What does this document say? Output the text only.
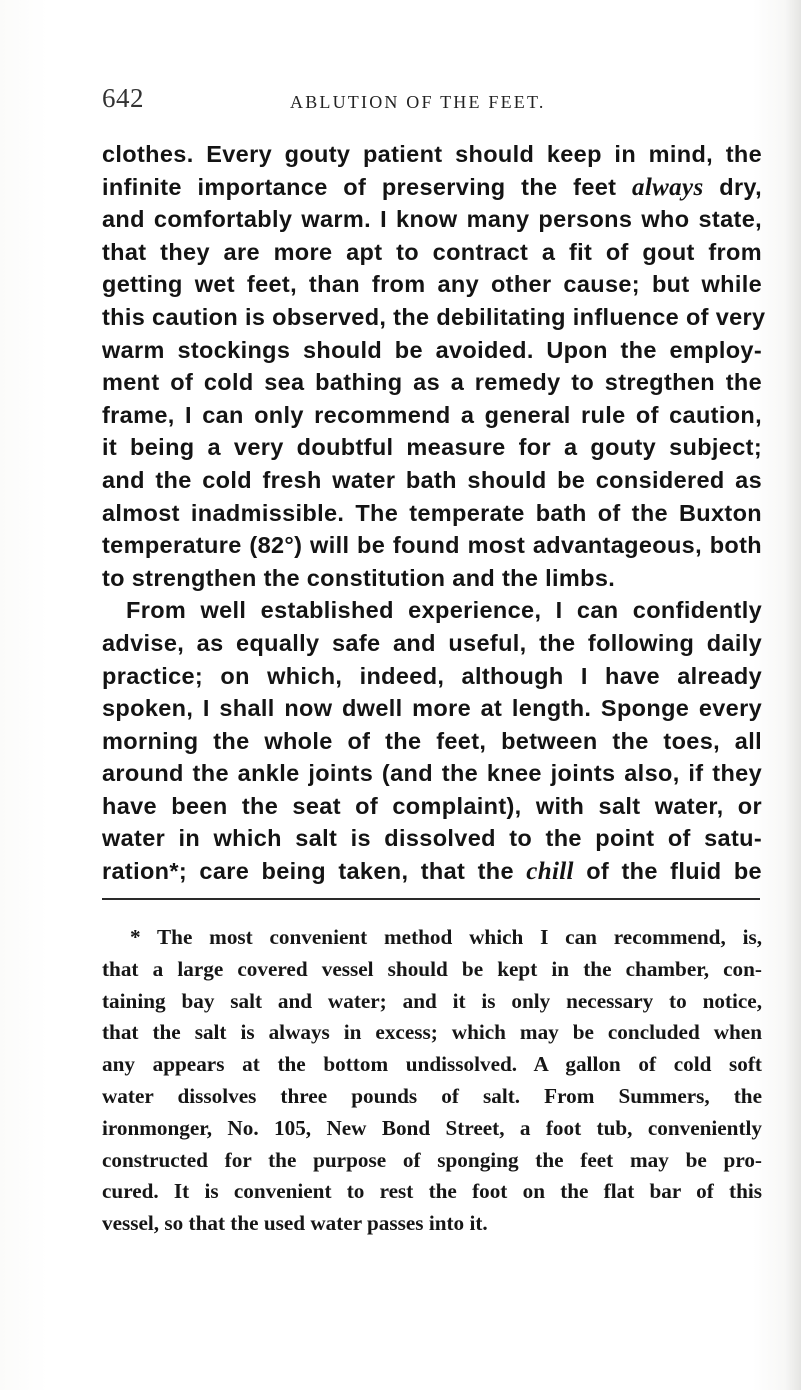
642	ABLUTION OF THE FEET.
clothes. Every gouty patient should keep in mind, the
infinite importance of preserving the feet always dry,
and comfortably warm. I know many persons who state,
that they are more apt to contract a fit of gout from
getting wet feet, than from any other cause; but while
this caution is observed, the debilitating influence of very
warm stockings should be avoided. Upon the employ-
ment of cold sea bathing as a remedy to stregthen the
frame, I can only recommend a general rule of caution,
it being a very doubtful measure for a gouty subject;
and the cold fresh water bath should be considered as
almost inadmissible. The temperate bath of the Buxton
temperature (82°) will be found most advantageous, both
to strengthen the constitution and the limbs.
From well established experience, I can confidently
advise, as equally safe and useful, the following daily
practice; on which, indeed, although I have already
spoken, I shall now dwell more at length. Sponge every
morning the whole of the feet, between the toes, all
around the ankle joints (and the knee joints also, if they
have been the seat of complaint), with salt water, or
water in which salt is dissolved to the point of satu-
ration*; care being taken, that the chill of the fluid be
* The most convenient method which I can recommend, is,
that a large covered vessel should be kept in the chamber, con-
taining bay salt and water; and it is only necessary to notice,
that the salt is always in excess; which may be concluded when
any appears at the bottom undissolved. A gallon of cold soft
water dissolves three pounds of salt. From Summers, the
ironmonger, No. 105, New Bond Street, a foot tub, conveniently
constructed for the purpose of sponging the feet may be pro-
cured. It is convenient to rest the foot on the flat bar of this
vessel, so that the used water passes into it.
